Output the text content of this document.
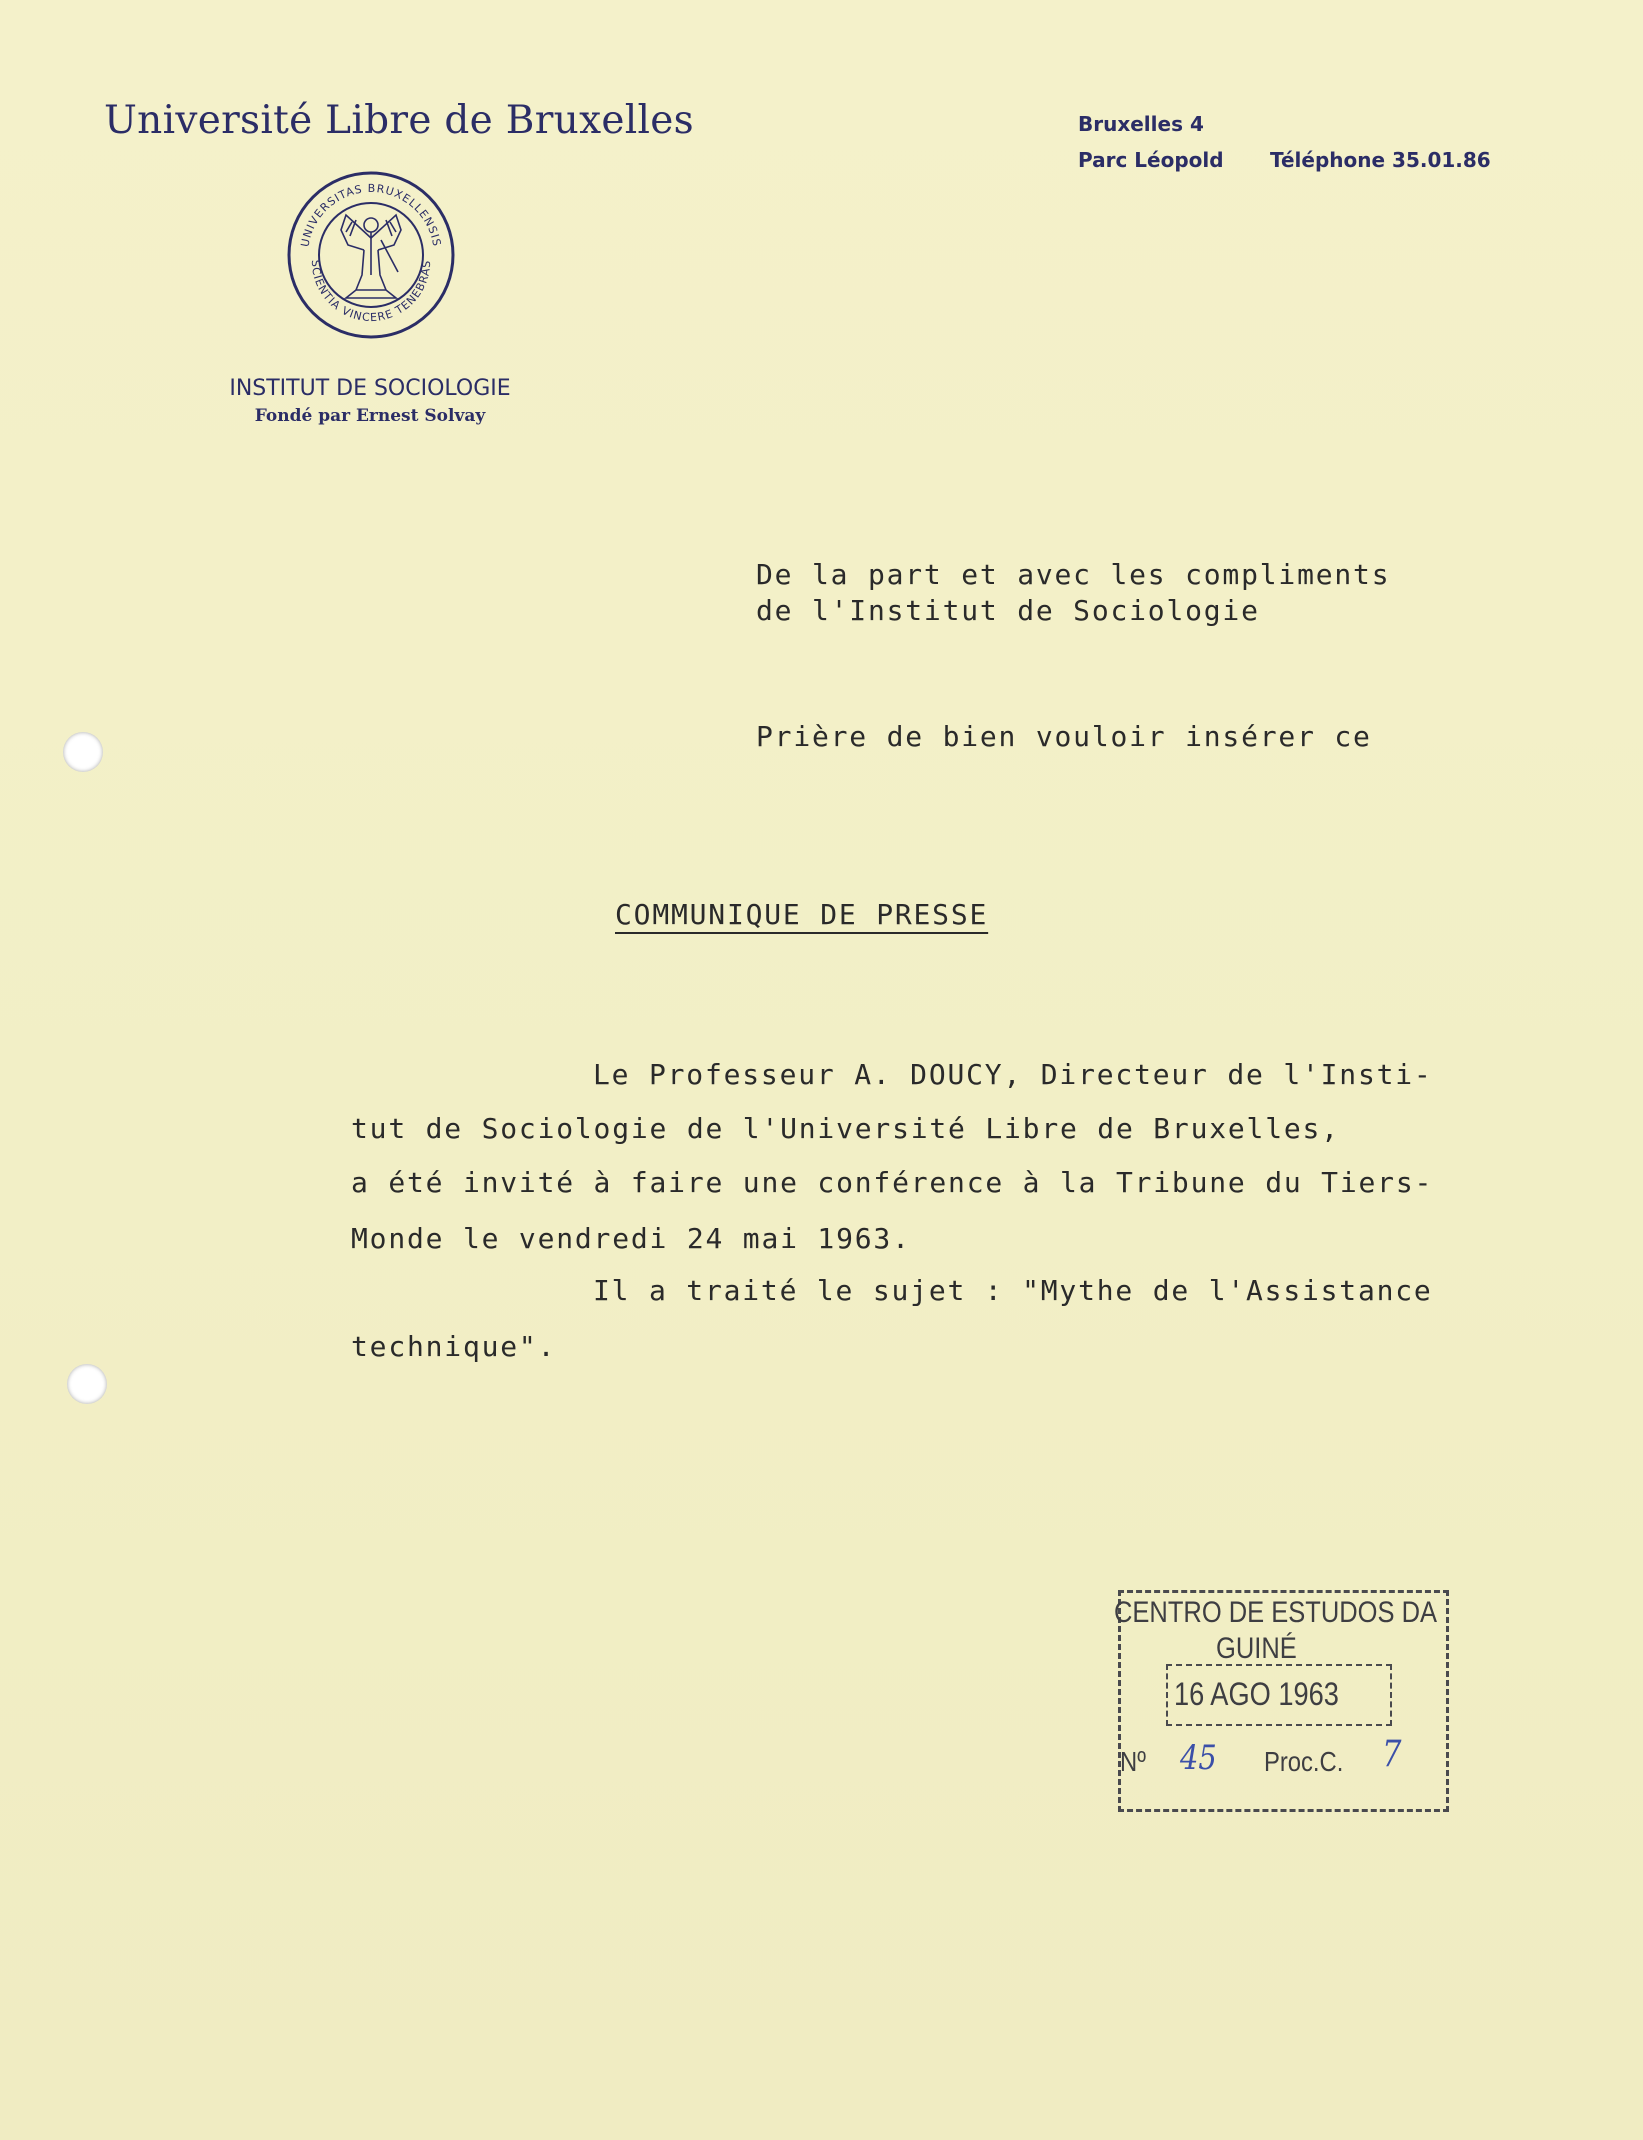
Université Libre de Bruxelles	Bruxelles 4
Parc Léopold Téléphone 35.01.86
UNIVERSITAS BRUXELLENSIS
SCIENTIA VINCERE TENEBRAS
INSTITUT DE SOCIOLOGIE
Fondé par Ernest Solvay
De la part et avec les compliments
de l'Institut de Sociologie
Prière de bien vouloir insérer ce
COMMUNIQUE DE PRESSE
Le Professeur A. DOUCY, Directeur de l'Insti-
tut de Sociologie de l'Université Libre de Bruxelles,
a été invité à faire une conférence à la Tribune du Tiers-
Monde le vendredi 24 mai 1963.
Il a traité le sujet : "Mythe de l'Assistance
technique".
CENTRO DE ESTUDOS DA
GUINÉ
16 AGO 1963
Nº 45 Proc.C. 7
